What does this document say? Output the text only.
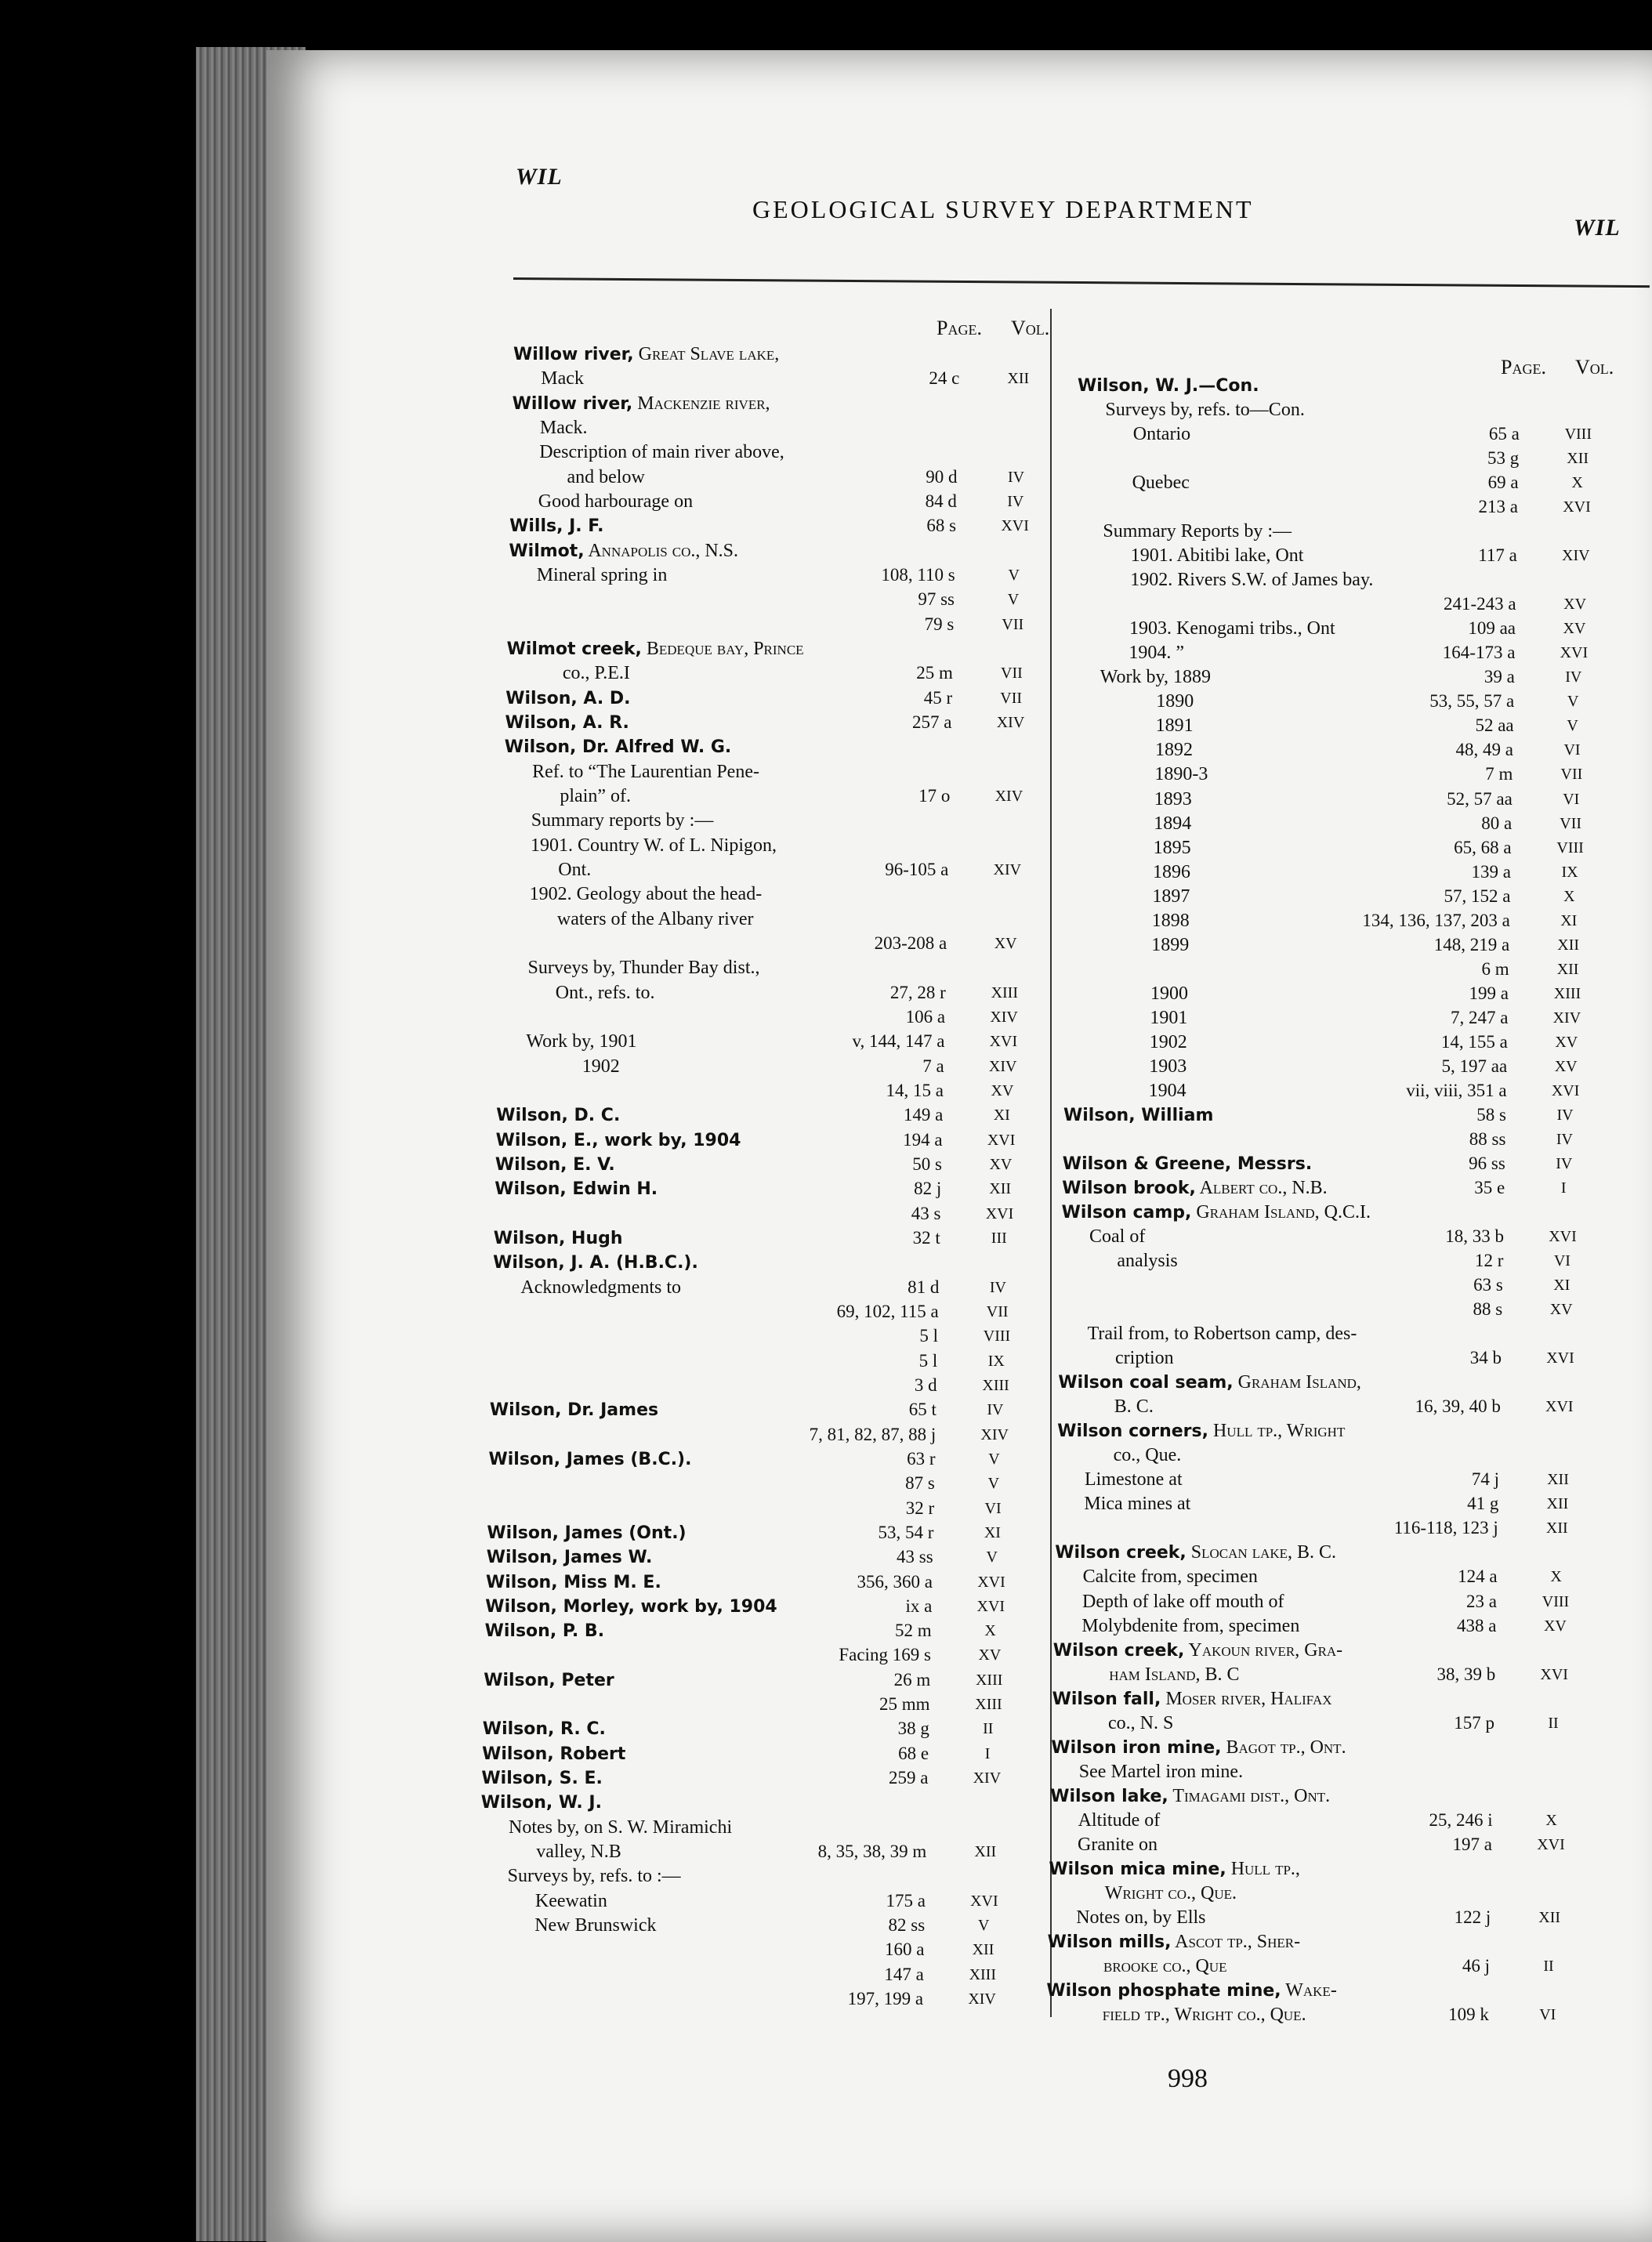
WIL
GEOLOGICAL SURVEY DEPARTMENT
WIL
Page. Vol.
Page. Vol.
Willow river, Great Slave lake,
Mack	24 c	XII
Willow river, Mackenzie river,
Mack.
Description of main river above,
and below	90 d	IV
Good harbourage on	84 d	IV
Wills, J. F.	68 s	XVI
Wilmot, Annapolis co., N.S.
Mineral spring in	108, 110 s	V
97 ss	V
79 s	VII
Wilmot creek, Bedeque bay, Prince
co., P.E.I	25 m	VII
Wilson, A. D.	45 r	VII
Wilson, A. R.	257 a	XIV
Wilson, Dr. Alfred W. G.
Ref. to “The Laurentian Pene-
plain” of.	17 o	XIV
Summary reports by :—
1901. Country W. of L. Nipigon,
Ont.	96-105 a	XIV
1902. Geology about the head-
waters of the Albany river
203-208 a	XV
Surveys by, Thunder Bay dist.,
Ont., refs. to.	27, 28 r	XIII
106 a	XIV
Work by, 1901	v, 144, 147 a	XVI
1902	7 a	XIV
14, 15 a	XV
Wilson, D. C.	149 a	XI
Wilson, E., work by, 1904	194 a	XVI
Wilson, E. V.	50 s	XV
Wilson, Edwin H.	82 j	XII
43 s	XVI
Wilson, Hugh	32 t	III
Wilson, J. A. (H.B.C.).
Acknowledgments to	81 d	IV
69, 102, 115 a	VII
5 l	VIII
5 l	IX
3 d	XIII
Wilson, Dr. James	65 t	IV
7, 81, 82, 87, 88 j	XIV
Wilson, James (B.C.).	63 r	V
87 s	V
32 r	VI
Wilson, James (Ont.)	53, 54 r	XI
Wilson, James W.	43 ss	V
Wilson, Miss M. E.	356, 360 a	XVI
Wilson, Morley, work by, 1904	ix a	XVI
Wilson, P. B.	52 m	X
Facing 169 s	XV
Wilson, Peter	26 m	XIII
25 mm	XIII
Wilson, R. C.	38 g	II
Wilson, Robert	68 e	I
Wilson, S. E.	259 a	XIV
Wilson, W. J.
Notes by, on S. W. Miramichi
valley, N.B	8, 35, 38, 39 m	XII
Surveys by, refs. to :—
Keewatin	175 a	XVI
New Brunswick	82 ss	V
160 a	XII
147 a	XIII
197, 199 a	XIV
Wilson, W. J.—Con.
Surveys by, refs. to—Con.
Ontario	65 a	VIII
53 g	XII
Quebec	69 a	X
213 a	XVI
Summary Reports by :—
1901. Abitibi lake, Ont	117 a	XIV
1902. Rivers S.W. of James bay.
241-243 a	XV
1903. Kenogami tribs., Ont	109 aa	XV
1904. ”	164-173 a	XVI
Work by, 1889	39 a	IV
1890	53, 55, 57 a	V
1891	52 aa	V
1892	48, 49 a	VI
1890-3	7 m	VII
1893	52, 57 aa	VI
1894	80 a	VII
1895	65, 68 a	VIII
1896	139 a	IX
1897	57, 152 a	X
1898	134, 136, 137, 203 a	XI
1899	148, 219 a	XII
6 m	XII
1900	199 a	XIII
1901	7, 247 a	XIV
1902	14, 155 a	XV
1903	5, 197 aa	XV
1904	vii, viii, 351 a	XVI
Wilson, William	58 s	IV
88 ss	IV
Wilson & Greene, Messrs.	96 ss	IV
Wilson brook, Albert co., N.B.	35 e	I
Wilson camp, Graham Island, Q.C.I.
Coal of	18, 33 b	XVI
analysis	12 r	VI
63 s	XI
88 s	XV
Trail from, to Robertson camp, des-
cription	34 b	XVI
Wilson coal seam, Graham Island,
B. C.	16, 39, 40 b	XVI
Wilson corners, Hull tp., Wright
co., Que.
Limestone at	74 j	XII
Mica mines at	41 g	XII
116-118, 123 j	XII
Wilson creek, Slocan lake, B. C.
Calcite from, specimen	124 a	X
Depth of lake off mouth of	23 a	VIII
Molybdenite from, specimen	438 a	XV
Wilson creek, Yakoun river, Gra-
ham Island, B. C	38, 39 b	XVI
Wilson fall, Moser river, Halifax
co., N. S	157 p	II
Wilson iron mine, Bagot tp., Ont.
See Martel iron mine.
Wilson lake, Timagami dist., Ont.
Altitude of	25, 246 i	X
Granite on	197 a	XVI
Wilson mica mine, Hull tp.,
Wright co., Que.
Notes on, by Ells	122 j	XII
Wilson mills, Ascot tp., Sher-
brooke co., Que	46 j	II
Wilson phosphate mine, Wake-
field tp., Wright co., Que.	109 k	VI
998
